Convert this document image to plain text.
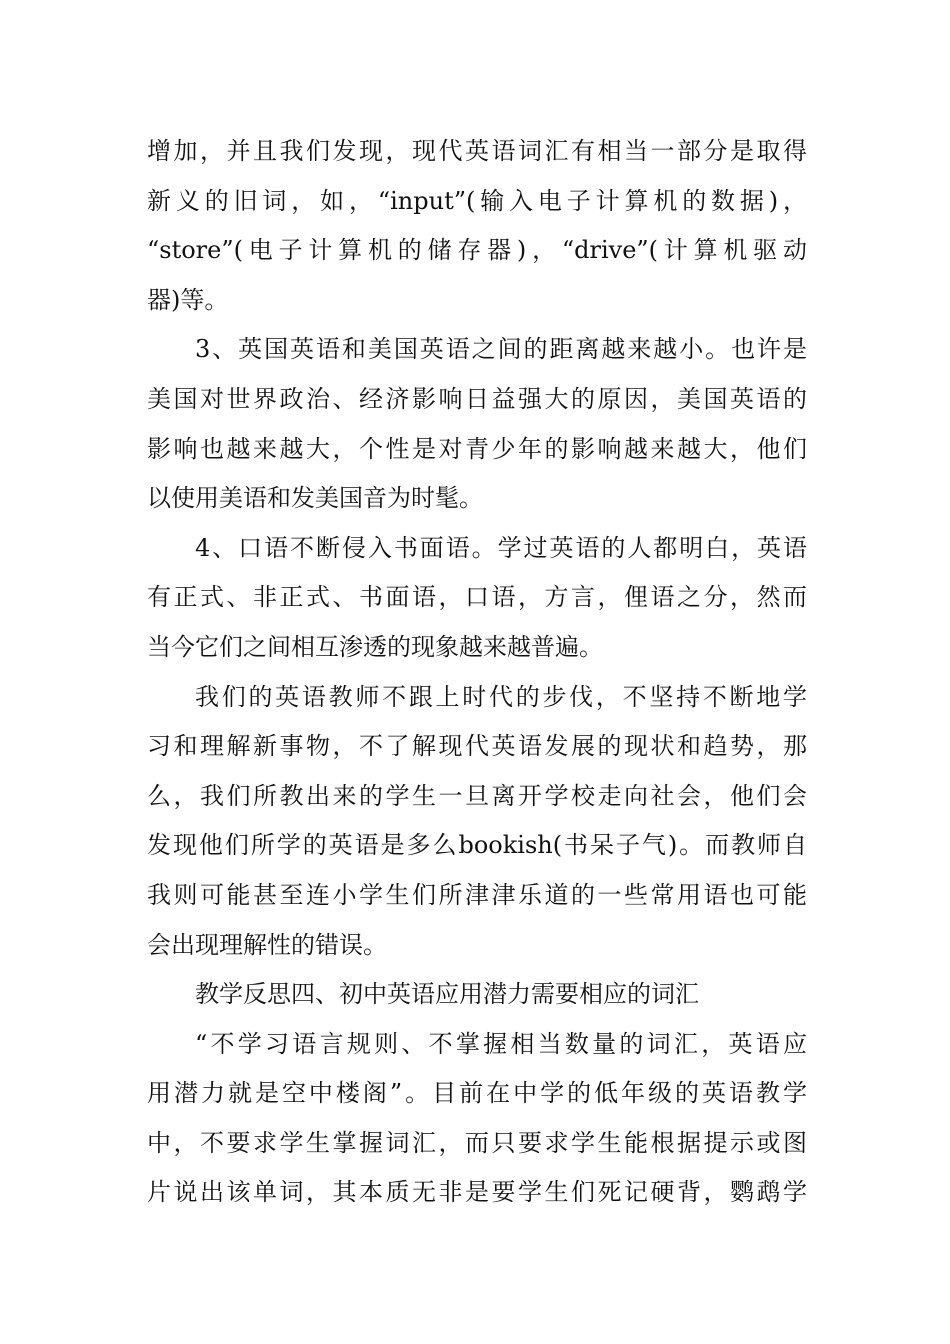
增加，并且我们发现，现代英语词汇有相当一部分是取得
新义的旧词，如，“input”(输入电子计算机的数据)，
“store”(电子计算机的储存器)，“drive”(计算机驱动
器)等。
3、英国英语和美国英语之间的距离越来越小。也许是
美国对世界政治、经济影响日益强大的原因，美国英语的
影响也越来越大，个性是对青少年的影响越来越大，他们
以使用美语和发美国音为时髦。
4、口语不断侵入书面语。学过英语的人都明白，英语
有正式、非正式、书面语，口语，方言，俚语之分，然而
当今它们之间相互渗透的现象越来越普遍。
我们的英语教师不跟上时代的步伐，不坚持不断地学
习和理解新事物，不了解现代英语发展的现状和趋势，那
么，我们所教出来的学生一旦离开学校走向社会，他们会
发现他们所学的英语是多么bookish(书呆子气)。而教师自
我则可能甚至连小学生们所津津乐道的一些常用语也可能
会出现理解性的错误。
教学反思四、初中英语应用潜力需要相应的词汇
“不学习语言规则、不掌握相当数量的词汇，英语应
用潜力就是空中楼阁”。目前在中学的低年级的英语教学
中，不要求学生掌握词汇，而只要求学生能根据提示或图
片说出该单词，其本质无非是要学生们死记硬背，鹦鹉学
